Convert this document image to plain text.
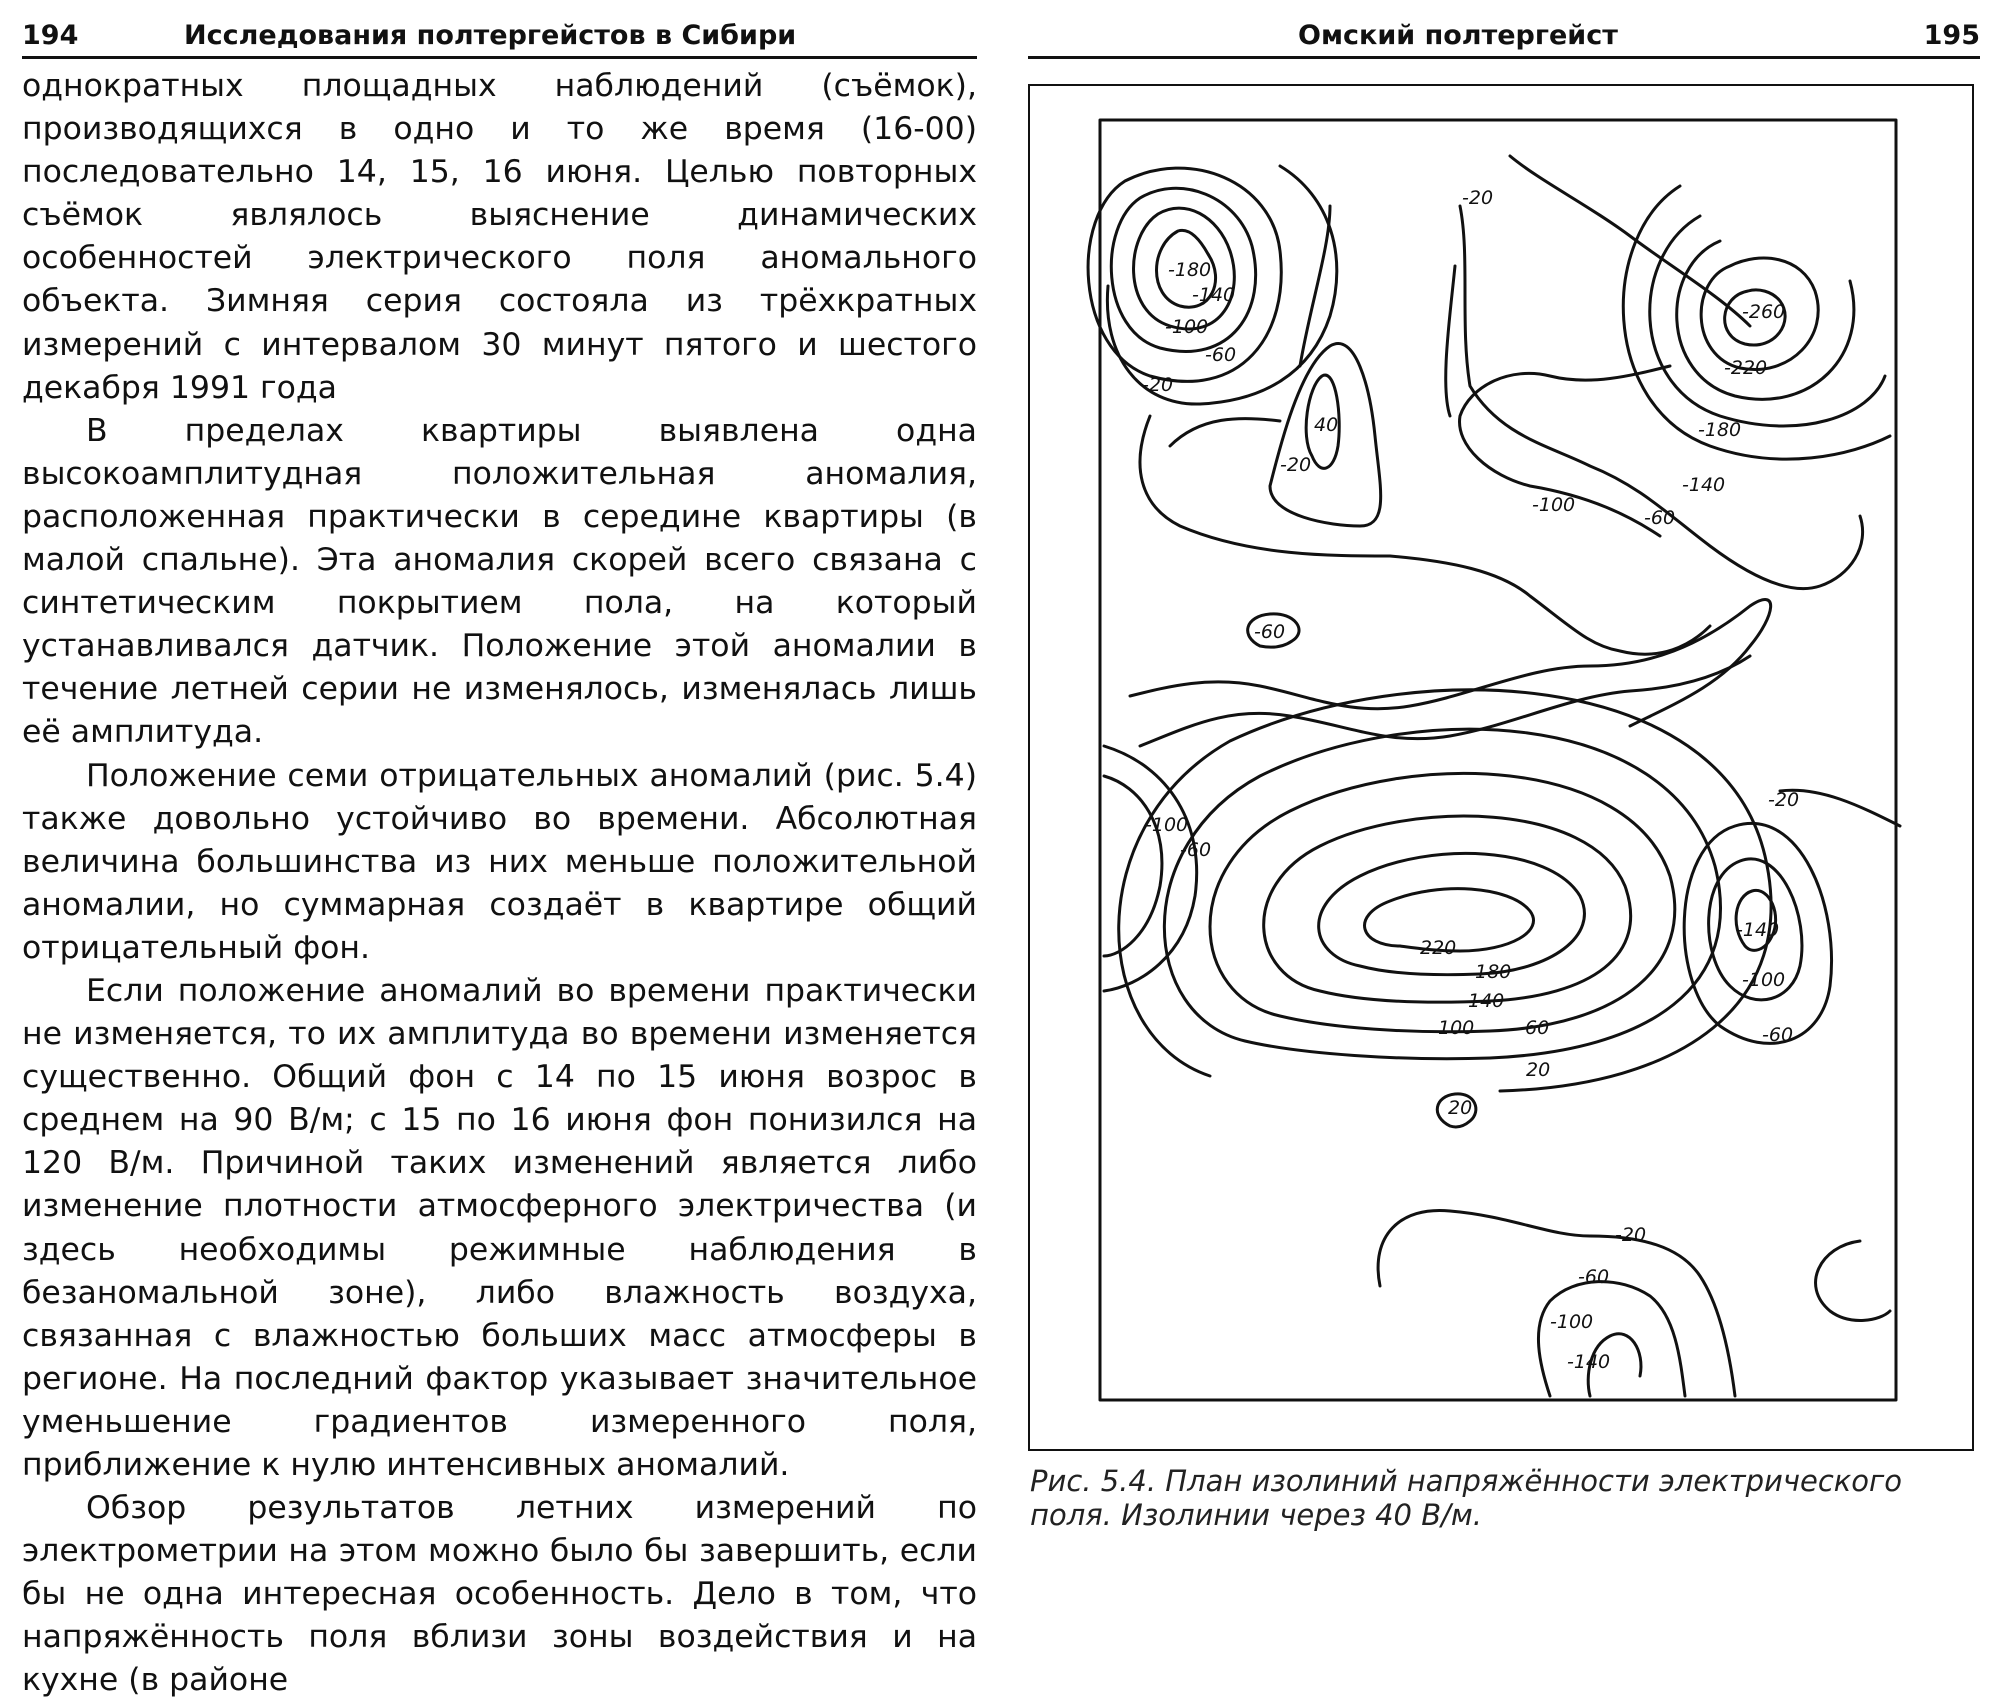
194	Исследования полтергейстов в Сибири

однократных площадных наблюдений (съёмок), производящихся в одно и то же время (16-00) последовательно 14, 15, 16 июня. Целью повторных съёмок являлось выяснение динамических особенностей электрического поля аномального объекта. Зимняя серия состояла из трёхкратных измерений с интервалом 30 минут пятого и шестого декабря 1991 года

В пределах квартиры выявлена одна высокоамплитудная положительная аномалия, расположенная практически в середине квартиры (в малой спальне). Эта аномалия скорей всего связана с синтетическим покрытием пола, на который устанавливался датчик. Положение этой аномалии в течение летней серии не изменялось, изменялась лишь её амплитуда.

Положение семи отрицательных аномалий (рис. 5.4) также довольно устойчиво во времени. Абсолютная величина большинства из них меньше положительной аномалии, но суммарная создаёт в квартире общий отрицательный фон.

Если положение аномалий во времени практически не изменяется, то их амплитуда во времени изменяется существенно. Общий фон с 14 по 15 июня возрос в среднем на 90 В/м; с 15 по 16 июня фон понизился на 120 В/м. Причиной таких изменений является либо изменение плотности атмосферного электричества (и здесь необходимы режимные наблюдения в безаномальной зоне), либо влажность воздуха, связанная с влажностью больших масс атмосферы в регионе. На последний фактор указывает значительное уменьшение градиентов измеренного поля, приближение к нулю интенсивных аномалий.

Обзор результатов летних измерений по электрометрии на этом можно было бы завершить, если бы не одна интересная особенность. Дело в том, что напряжённость поля вблизи зоны воздействия и на кухне (в районе

Омский полтергейст	195
-180
-140
-100
-60
-20
-20
40
-20
-260
-220
-180
-140
-100
-60
-60
-100
-60
-20
-140
-100
-60
220
180
140
100	60
20
20
-20
-60
-100
-140
Рис. 5.4. План изолиний напряжённости электрического поля. Изолинии через 40 В/м.
